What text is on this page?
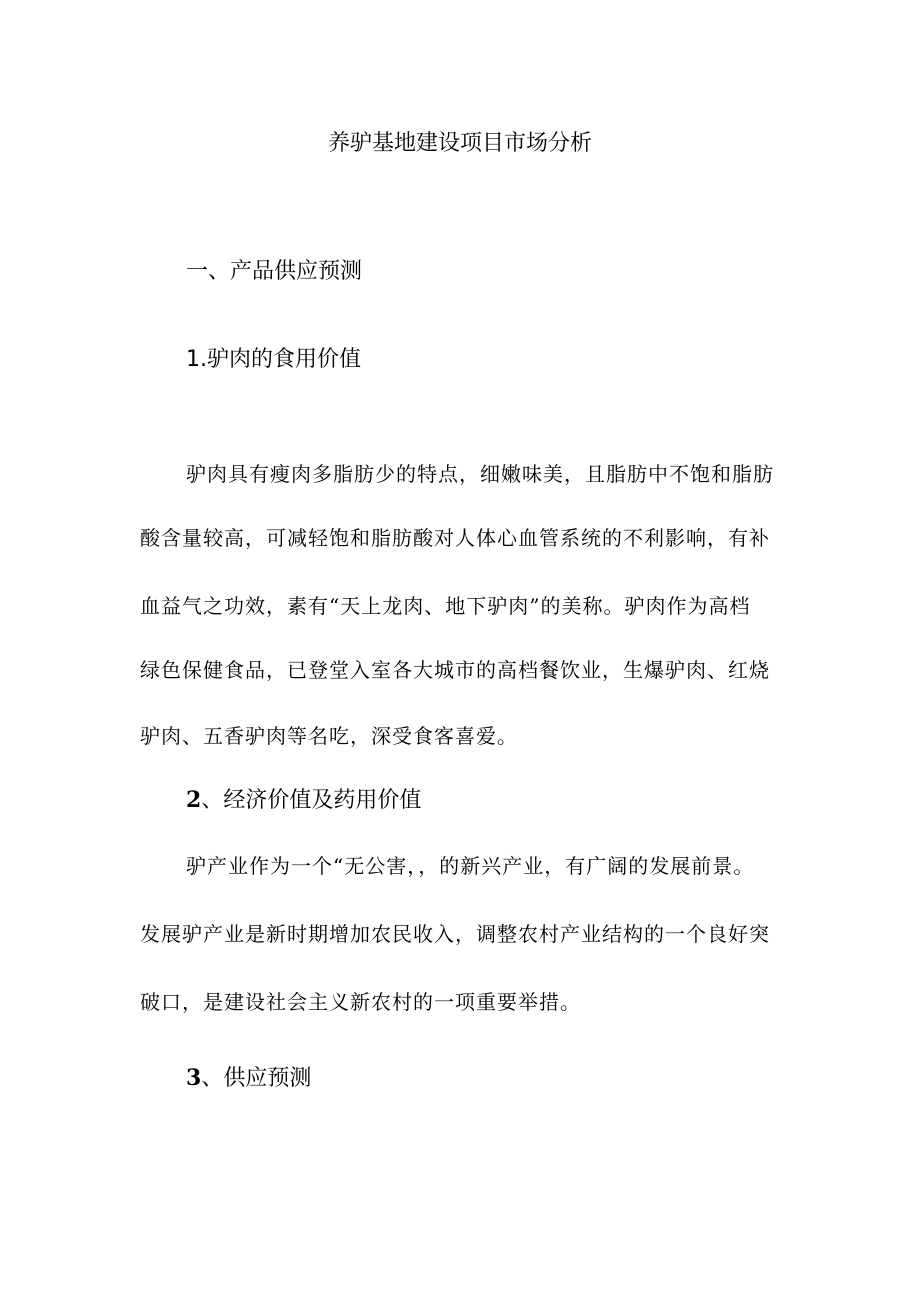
养驴基地建设项目市场分析
一、产品供应预测
1.驴肉的食用价值

驴肉具有瘦肉多脂肪少的特点，细嫩味美，且脂肪中不饱和脂肪

酸含量较高，可减轻饱和脂肪酸对人体心血管系统的不利影响，有补

血益气之功效，素有“天上龙肉、地下驴肉”的美称。驴肉作为高档

绿色保健食品，已登堂入室各大城市的高档餐饮业，生爆驴肉、红烧

驴肉、五香驴肉等名吃，深受食客喜爱。

2、经济价值及药用价值

驴产业作为一个“无公害，，的新兴产业，有广阔的发展前景。

发展驴产业是新时期增加农民收入，调整农村产业结构的一个良好突

破口，是建设社会主义新农村的一项重要举措。

3、供应预测
